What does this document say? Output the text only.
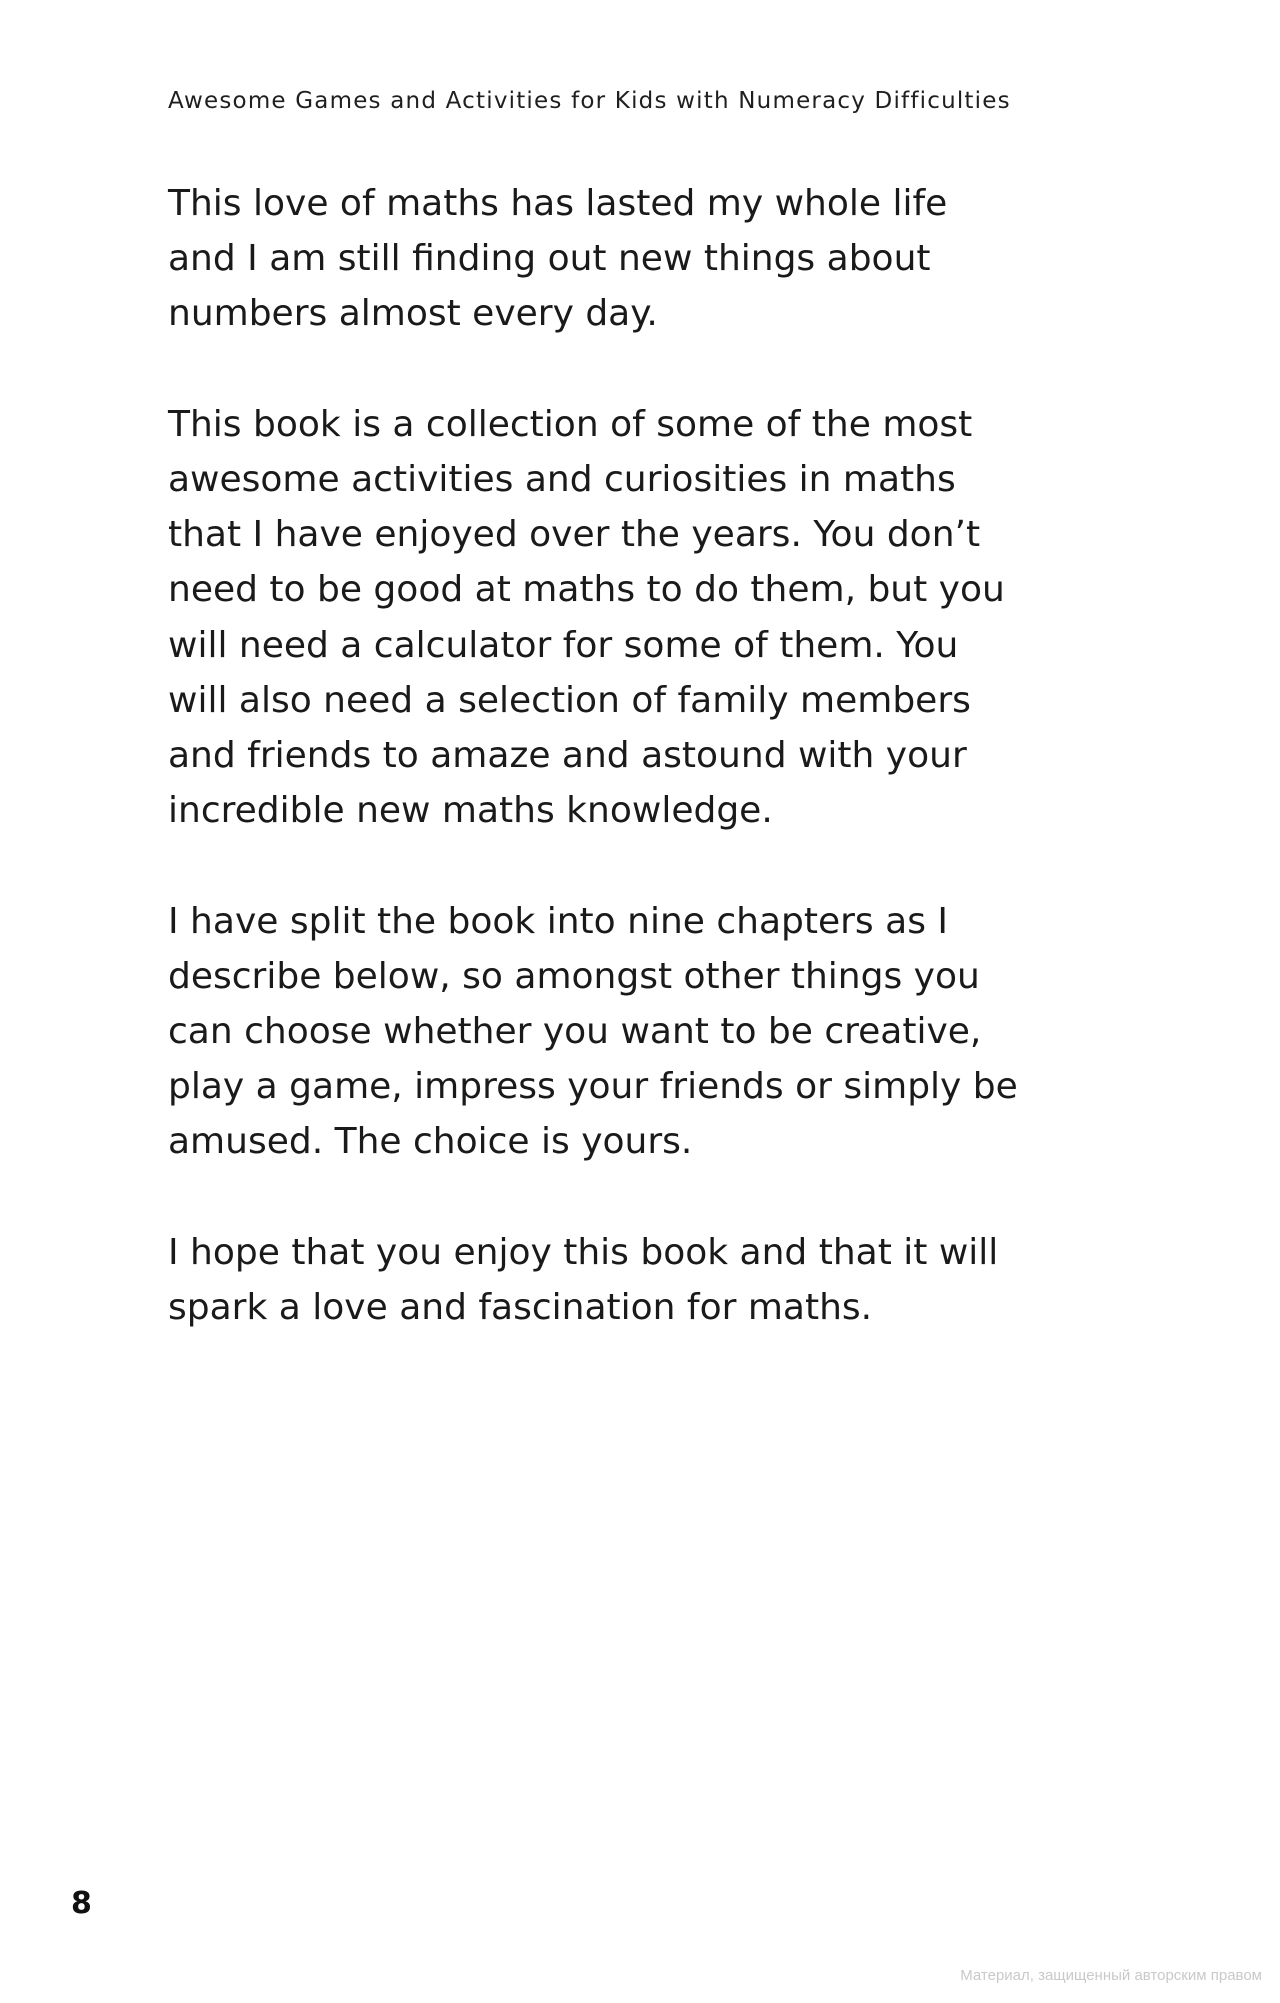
Awesome Games and Activities for Kids with Numeracy Difficulties

This love of maths has lasted my whole life
and I am still finding out new things about
numbers almost every day.

This book is a collection of some of the most
awesome activities and curiosities in maths
that I have enjoyed over the years. You don’t
need to be good at maths to do them, but you
will need a calculator for some of them. You
will also need a selection of family members
and friends to amaze and astound with your
incredible new maths knowledge.

I have split the book into nine chapters as I
describe below, so amongst other things you
can choose whether you want to be creative,
play a game, impress your friends or simply be
amused. The choice is yours.

I hope that you enjoy this book and that it will
spark a love and fascination for maths.

8
Материал, защищенный авторским правом
